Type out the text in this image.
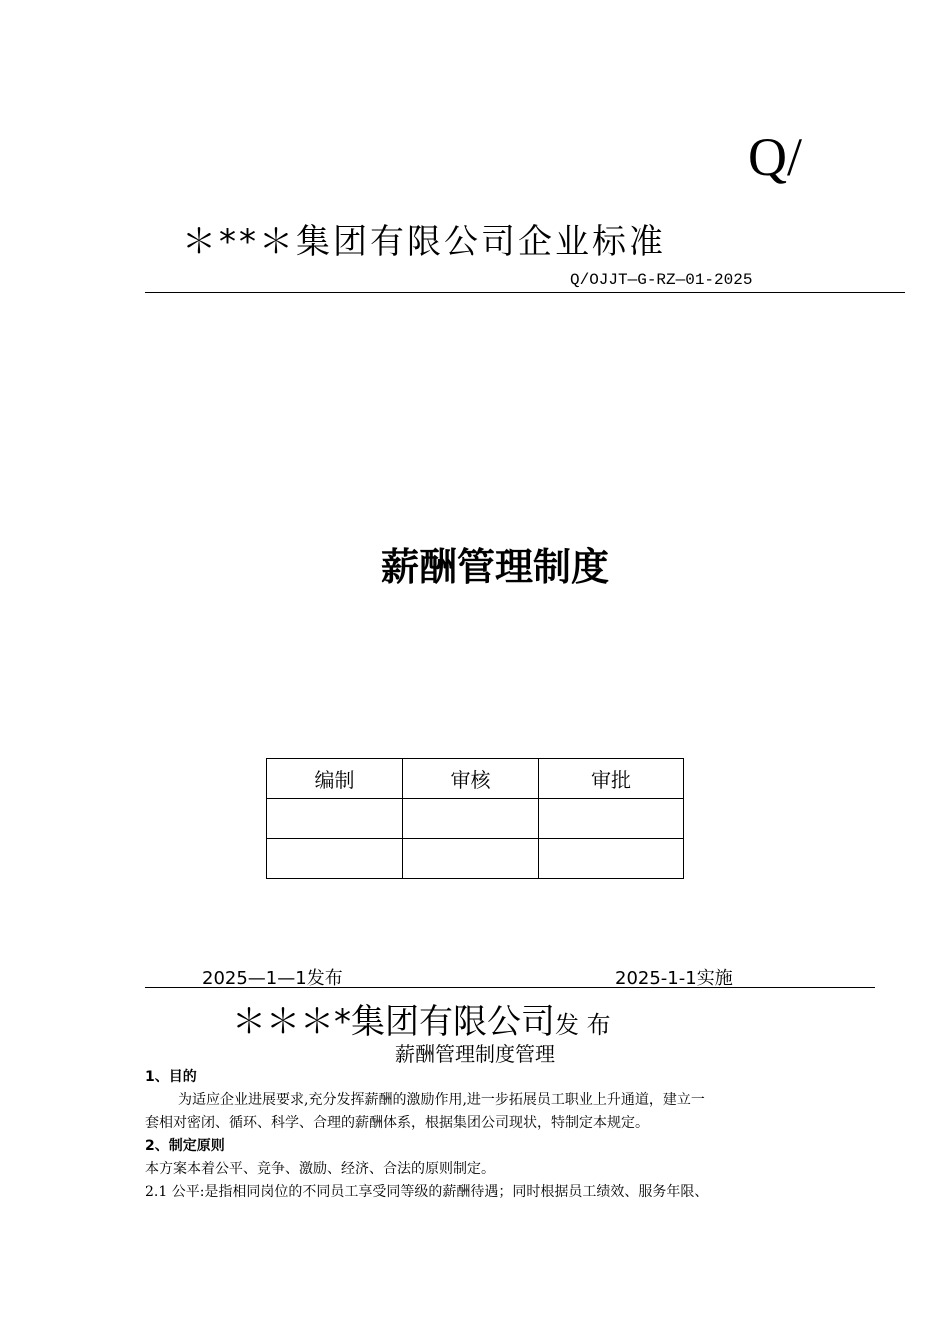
Q/
＊**＊集团有限公司企业标准
Q/OJJT—G-RZ—01-2025
薪酬管理制度
编制	审核	审批

2025—1—1发布	2025-1-1实施
＊＊＊*集团有限公司发 布
薪酬管理制度管理

1、目的

为适应企业进展要求,充分发挥薪酬的激励作用,进一步拓展员工职业上升通道，建立一

套相对密闭、循环、科学、合理的薪酬体系，根据集团公司现状，特制定本规定。

2、制定原则

本方案本着公平、竞争、激励、经济、合法的原则制定。

2.1 公平:是指相同岗位的不同员工享受同等级的薪酬待遇；同时根据员工绩效、服务年限、
